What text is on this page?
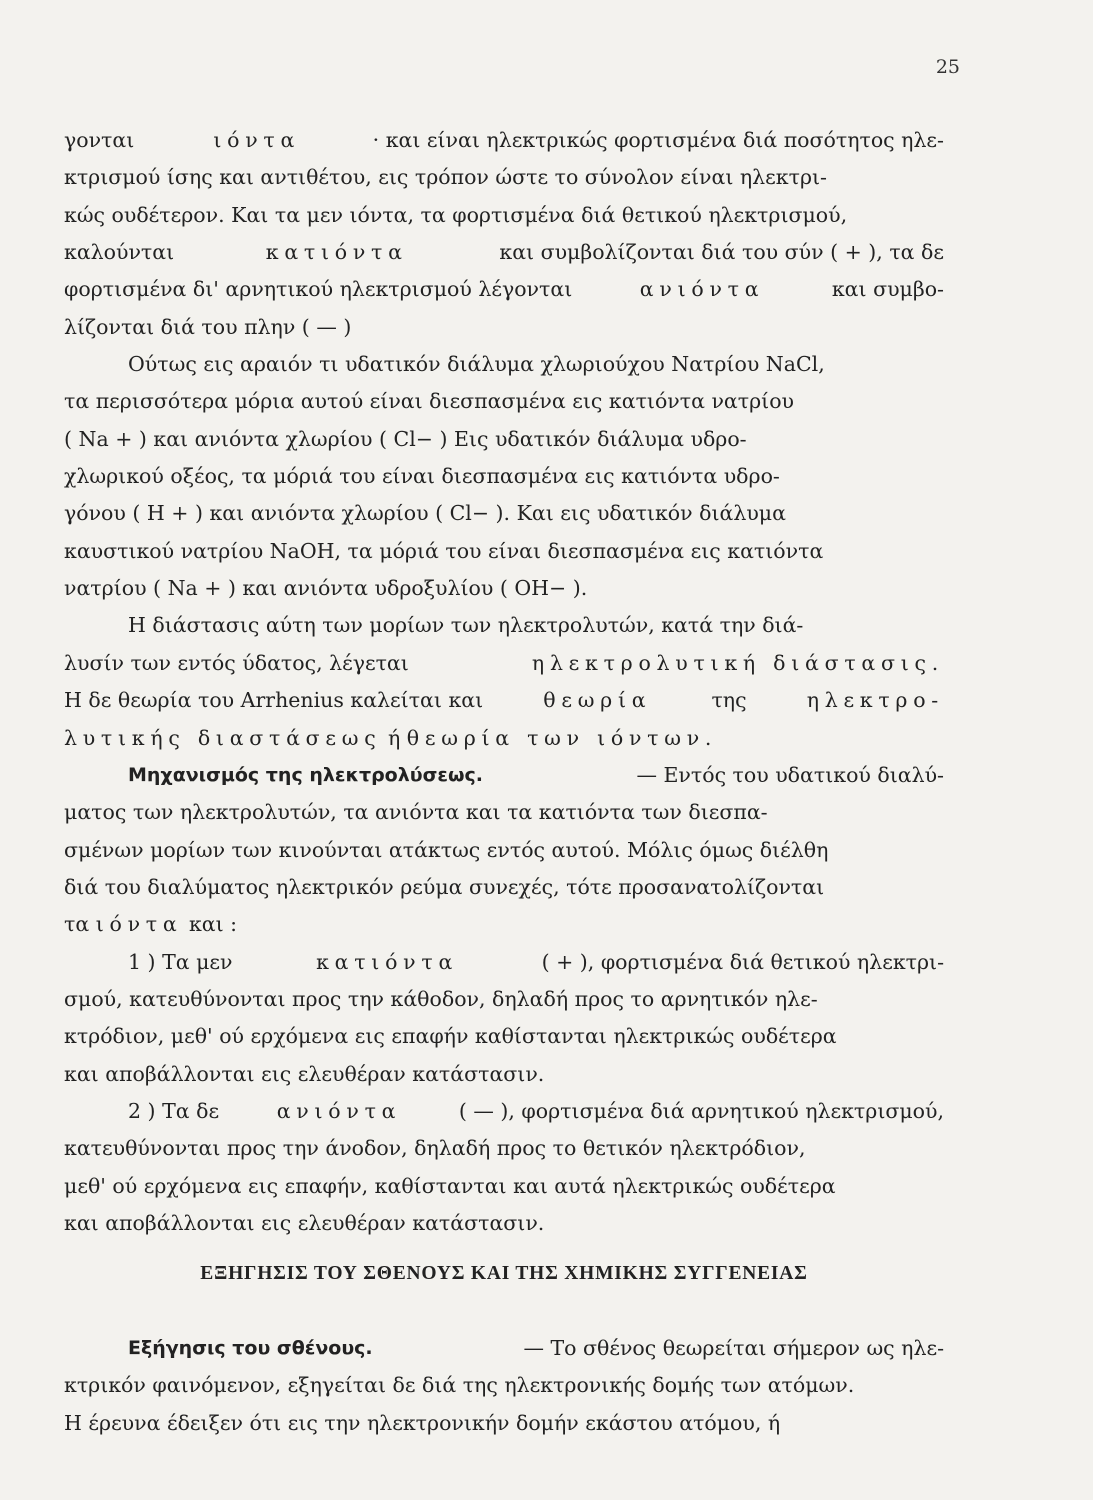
25
γονται	ιόντα	· και είναι ηλεκτρικώς φορτισμένα διά ποσότητος ηλε-
κτρισμού ίσης και αντιθέτου, εις τρόπον ώστε το σύνολον είναι ηλεκτρι-
κώς ουδέτερον. Και τα μεν ιόντα, τα φορτισμένα διά θετικού ηλεκτρισμού,
καλούνται	κατιόντα	και συμβολίζονται διά του σύν ( + ), τα δε
φορτισμένα δι' αρνητικού ηλεκτρισμού λέγονται	ανιόντα	και συμβο-
λίζονται διά του πλην ( — )
Ούτως εις αραιόν τι υδατικόν διάλυμα χλωριούχου Νατρίου NaCl,
τα περισσότερα μόρια αυτού είναι διεσπασμένα εις κατιόντα νατρίου
( Na + ) και ανιόντα χλωρίου ( Cl− ) Εις υδατικόν διάλυμα υδρο-
χλωρικού οξέος, τα μόριά του είναι διεσπασμένα εις κατιόντα υδρο-
γόνου ( H + ) και ανιόντα χλωρίου ( Cl− ). Και εις υδατικόν διάλυμα
καυστικού νατρίου NaOH, τα μόριά του είναι διεσπασμένα εις κατιόντα
νατρίου ( Na + ) και ανιόντα υδροξυλίου ( OH− ).
Η διάστασις αύτη των μορίων των ηλεκτρολυτών, κατά την διά-
λυσίν των εντός ύδατος, λέγεται	ηλεκτρολυτική διάστασις.
Η δε θεωρία του Arrhenius καλείται και	θεωρία	της	ηλεκτρο-
λυτικής διαστάσεως ή θεωρία των ιόντων.
Μηχανισμός της ηλεκτρολύσεως.	— Εντός του υδατικού διαλύ-
ματος των ηλεκτρολυτών, τα ανιόντα και τα κατιόντα των διεσπα-
σμένων μορίων των κινούνται ατάκτως εντός αυτού. Μόλις όμως διέλθη
διά του διαλύματος ηλεκτρικόν ρεύμα συνεχές, τότε προσανατολίζονται
τα ιόντα και :
1 ) Τα μεν	κατιόντα	( + ), φορτισμένα διά θετικού ηλεκτρι-
σμού, κατευθύνονται προς την κάθοδον, δηλαδή προς το αρνητικόν ηλε-
κτρόδιον, μεθ' ού ερχόμενα εις επαφήν καθίστανται ηλεκτρικώς ουδέτερα
και αποβάλλονται εις ελευθέραν κατάστασιν.
2 ) Τα δε ανιόντα ( — ), φορτισμένα διά αρνητικού ηλεκτρισμού,
κατευθύνονται προς την άνοδον, δηλαδή προς το θετικόν ηλεκτρόδιον,
μεθ' ού ερχόμενα εις επαφήν, καθίστανται και αυτά ηλεκτρικώς ουδέτερα
και αποβάλλονται εις ελευθέραν κατάστασιν.
ΕΞΗΓΗΣΙΣ ΤΟΥ ΣΘΕΝΟΥΣ ΚΑΙ ΤΗΣ ΧΗΜΙΚΗΣ ΣΥΓΓΕΝΕΙΑΣ
Εξήγησις του σθένους.	— Το σθένος θεωρείται σήμερον ως ηλε-
κτρικόν φαινόμενον, εξηγείται δε διά της ηλεκτρονικής δομής των ατόμων.
Η έρευνα έδειξεν ότι εις την ηλεκτρονικήν δομήν εκάστου ατόμου, ή
